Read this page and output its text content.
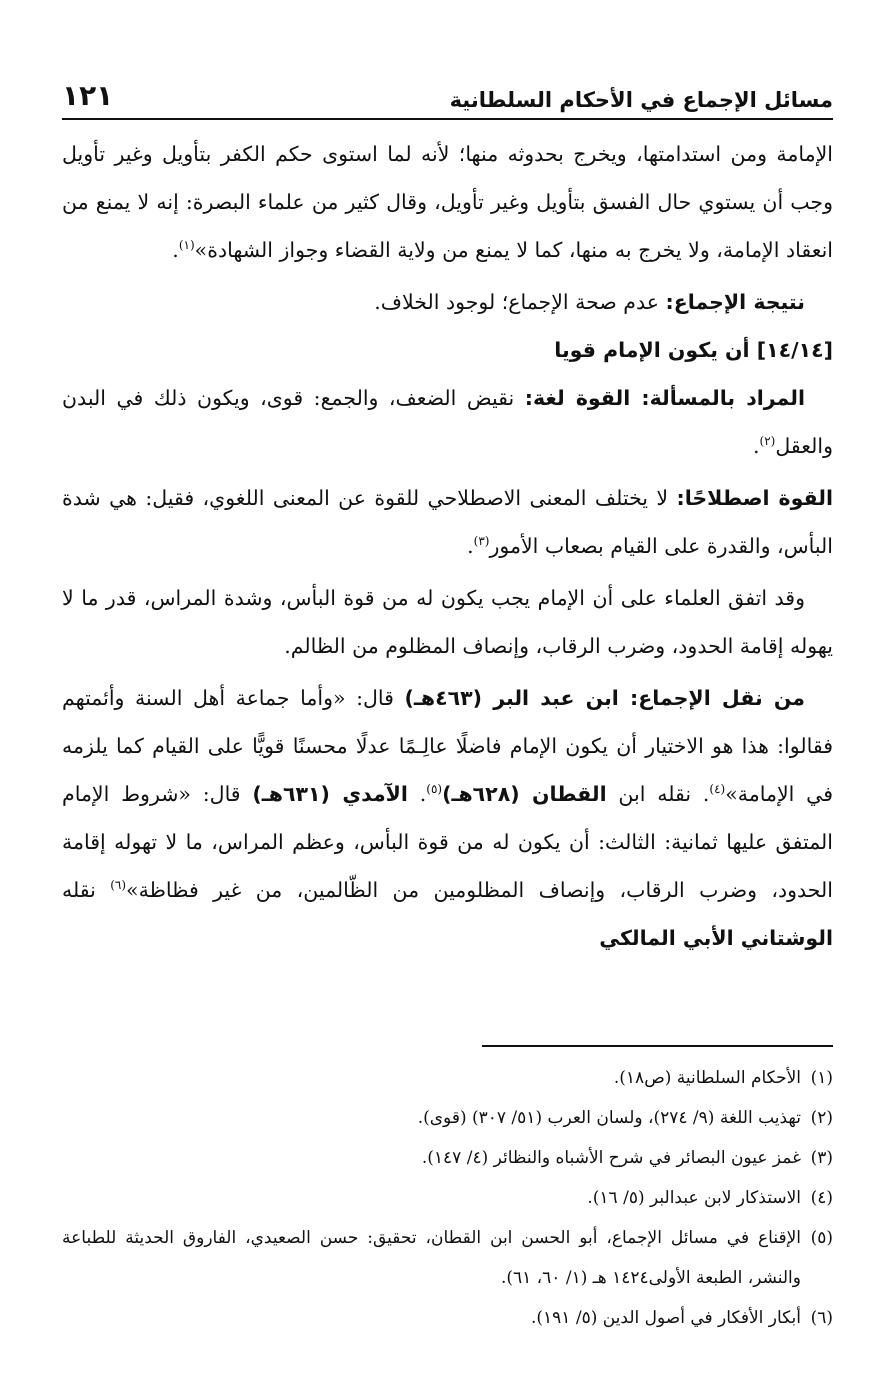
مسائل الإجماع في الأحكام السلطانية
١٢١

الإمامة ومن استدامتها، ويخرج بحدوثه منها؛ لأنه لما استوى حكم الكفر بتأويل وغير تأويل وجب أن يستوي حال الفسق بتأويل وغير تأويل، وقال كثير من علماء البصرة: إنه لا يمنع من انعقاد الإمامة، ولا يخرج به منها، كما لا يمنع من ولاية القضاء وجواز الشهادة»$^{(١)}$.

نتيجة الإجماع: عدم صحة الإجماع؛ لوجود الخلاف.

[١٤/١٤] أن يكون الإمام قويا

المراد بالمسألة: القوة لغة: نقيض الضعف، والجمع: قوى، ويكون ذلك في البدن والعقل$^{(٢)}$.

القوة اصطلاحًا: لا يختلف المعنى الاصطلاحي للقوة عن المعنى اللغوي، فقيل: هي شدة البأس، والقدرة على القيام بصعاب الأمور$^{(٣)}$.

وقد اتفق العلماء على أن الإمام يجب يكون له من قوة البأس، وشدة المراس، قدر ما لا يهوله إقامة الحدود، وضرب الرقاب، وإنصاف المظلوم من الظالم.

من نقل الإجماع: ابن عبد البر (٤٦٣هـ) قال: «وأما جماعة أهل السنة وأئمتهم فقالوا: هذا هو الاختيار أن يكون الإمام فاضلًا عالِـمًا عدلًا محسنًا قويًّا على القيام كما يلزمه في الإمامة»$^{(٤)}$. نقله ابن القطان (٦٢٨هـ)$^{(٥)}$. الآمدي (٦٣١هـ) قال: «شروط الإمام المتفق عليها ثمانية: الثالث: أن يكون له من قوة البأس، وعظم المراس، ما لا تهوله إقامة الحدود، وضرب الرقاب، وإنصاف المظلومين من الظّالمين، من غير فظاظة»$^{(٦)}$ نقله الوشتاني الأبي المالكي

(١)
الأحكام السلطانية (ص١٨).
(٢)
تهذيب اللغة (٩/ ٢٧٤)، ولسان العرب (٥١/ ٣٠٧) (قوى).
(٣)
غمز عيون البصائر في شرح الأشباه والنظائر (٤/ ١٤٧).
(٤)
الاستذكار لابن عبدالبر (٥/ ١٦).
(٥)
الإقناع في مسائل الإجماع، أبو الحسن ابن القطان، تحقيق: حسن الصعيدي، الفاروق الحديثة للطباعة والنشر، الطبعة الأولى١٤٢٤ هـ (١/ ٦٠، ٦١).
(٦)
أبكار الأفكار في أصول الدين (٥/ ١٩١).
